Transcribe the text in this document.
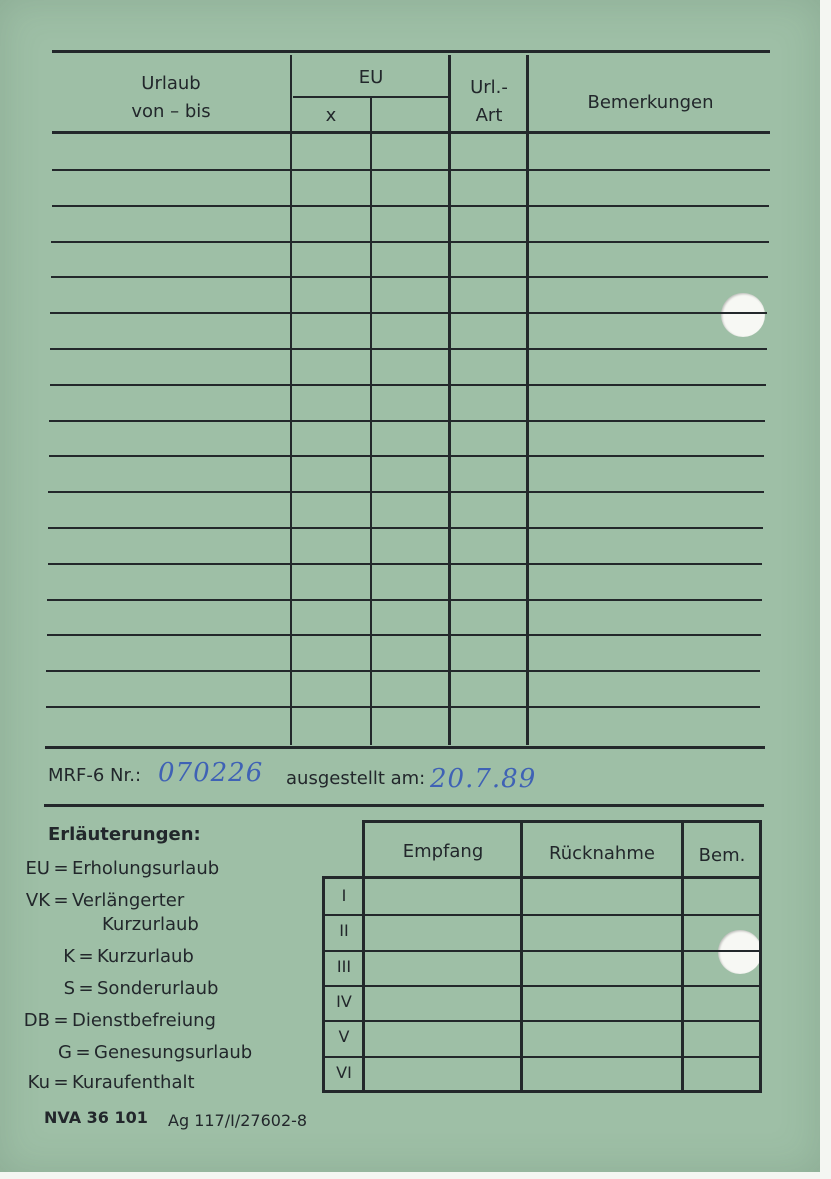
Urlaub
von – bis
EU
x
Url.-
Art
Bemerkungen
MRF-6 Nr.: 070226 ausgestellt am: 20.7.89
Erläuterungen:
EU = Erholungsurlaub
VK = Verlängerter
Kurzurlaub
K = Kurzurlaub
S = Sonderurlaub
DB = Dienstbefreiung
G = Genesungsurlaub
Ku = Kuraufenthalt
Empfang	Rücknahme	Bem.
I
II
III
IV
V
VI
NVA 36 101 Ag 117/I/27602-8
